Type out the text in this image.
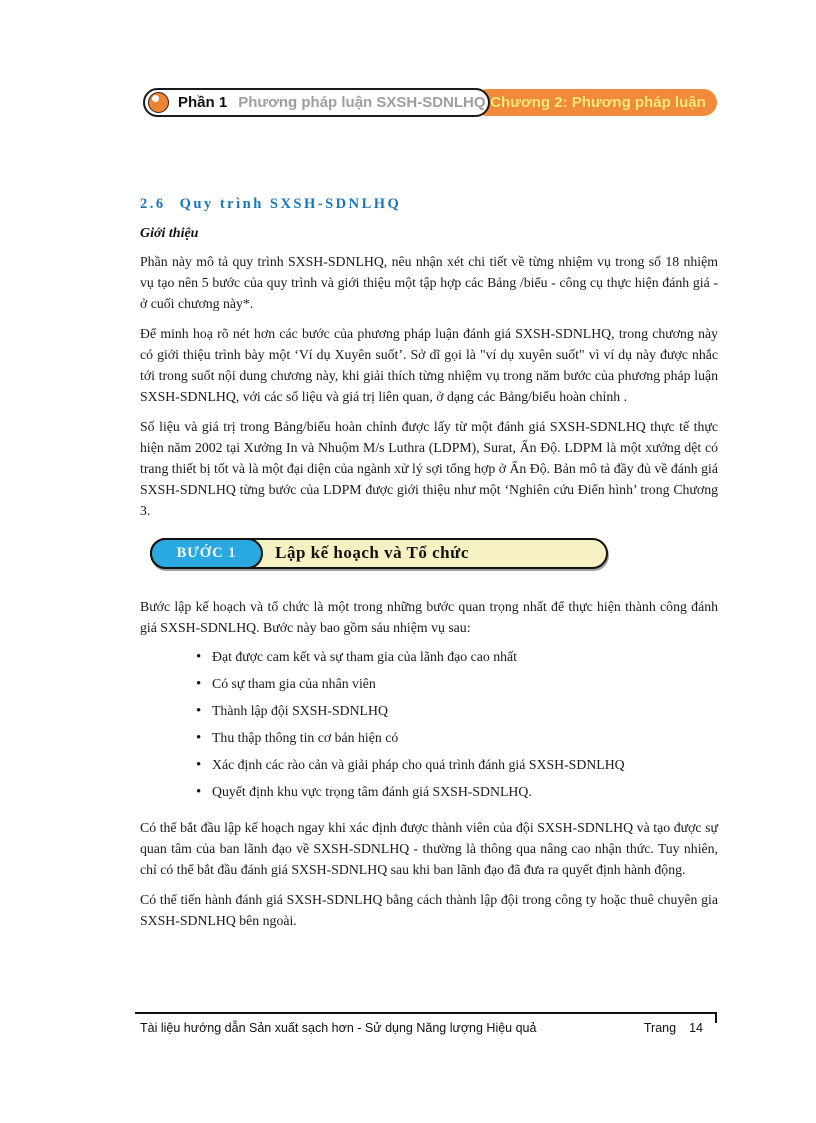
Chương 2: Phương pháp luận
Phần 1 Phương pháp luận SXSH-SDNLHQ
2.6 Quy trình SXSH-SDNLHQ

Giới thiệu

Phần này mô tả quy trình SXSH-SDNLHQ, nêu nhận xét chi tiết về từng nhiệm vụ trong số 18 nhiệm vụ tạo nên 5 bước của quy trình và giới thiệu một tập hợp các Bảng /biểu - công cụ thực hiện đánh giá - ở cuối chương này*.

Để minh hoạ rõ nét hơn các bước của phương pháp luận đánh giá SXSH-SDNLHQ, trong chương này có giới thiệu trình bày một ‘Ví dụ Xuyên suốt’. Sở dĩ gọi là "ví dụ xuyên suốt" vì ví dụ này được nhắc tới trong suốt nội dung chương này, khi giải thích từng nhiệm vụ trong năm bước của phương pháp luận SXSH-SDNLHQ, với các số liệu và giá trị liên quan, ở dạng các Bảng/biểu hoàn chỉnh .

Số liệu và giá trị trong Bảng/biểu hoàn chỉnh được lấy từ một đánh giá SXSH-SDNLHQ thực tế thực hiện năm 2002 tại Xưởng In và Nhuộm M/s Luthra (LDPM), Surat, Ấn Độ. LDPM là một xưởng dệt có trang thiết bị tốt và là một đại diện của ngành xử lý sợi tổng hợp ở Ấn Độ. Bản mô tả đầy đủ về đánh giá SXSH-SDNLHQ từng bước của LDPM được giới thiệu như một ‘Nghiên cứu Điển hình’ trong Chương 3.

BƯỚC 1	Lập kế hoạch và Tổ chức

Bước lập kế hoạch và tổ chức là một trong những bước quan trọng nhất để thực hiện thành công đánh giá SXSH-SDNLHQ. Bước này bao gồm sáu nhiệm vụ sau:

• Đạt được cam kết và sự tham gia của lãnh đạo cao nhất
• Có sự tham gia của nhân viên
• Thành lập đội SXSH-SDNLHQ
• Thu thập thông tin cơ bản hiện có
• Xác định các rào cản và giải pháp cho quá trình đánh giá SXSH-SDNLHQ
• Quyết định khu vực trọng tâm đánh giá SXSH-SDNLHQ.

Có thể bắt đầu lập kế hoạch ngay khi xác định được thành viên của đội SXSH-SDNLHQ và tạo được sự quan tâm của ban lãnh đạo về SXSH-SDNLHQ - thường là thông qua nâng cao nhận thức. Tuy nhiên, chỉ có thể bắt đầu đánh giá SXSH-SDNLHQ sau khi ban lãnh đạo đã đưa ra quyết định hành động.

Có thể tiến hành đánh giá SXSH-SDNLHQ bằng cách thành lập đội trong công ty hoặc thuê chuyên gia SXSH-SDNLHQ bên ngoài.

Tài liệu hướng dẫn Sản xuất sạch hơn - Sử dụng Năng lượng Hiệu quả	Trang 14
